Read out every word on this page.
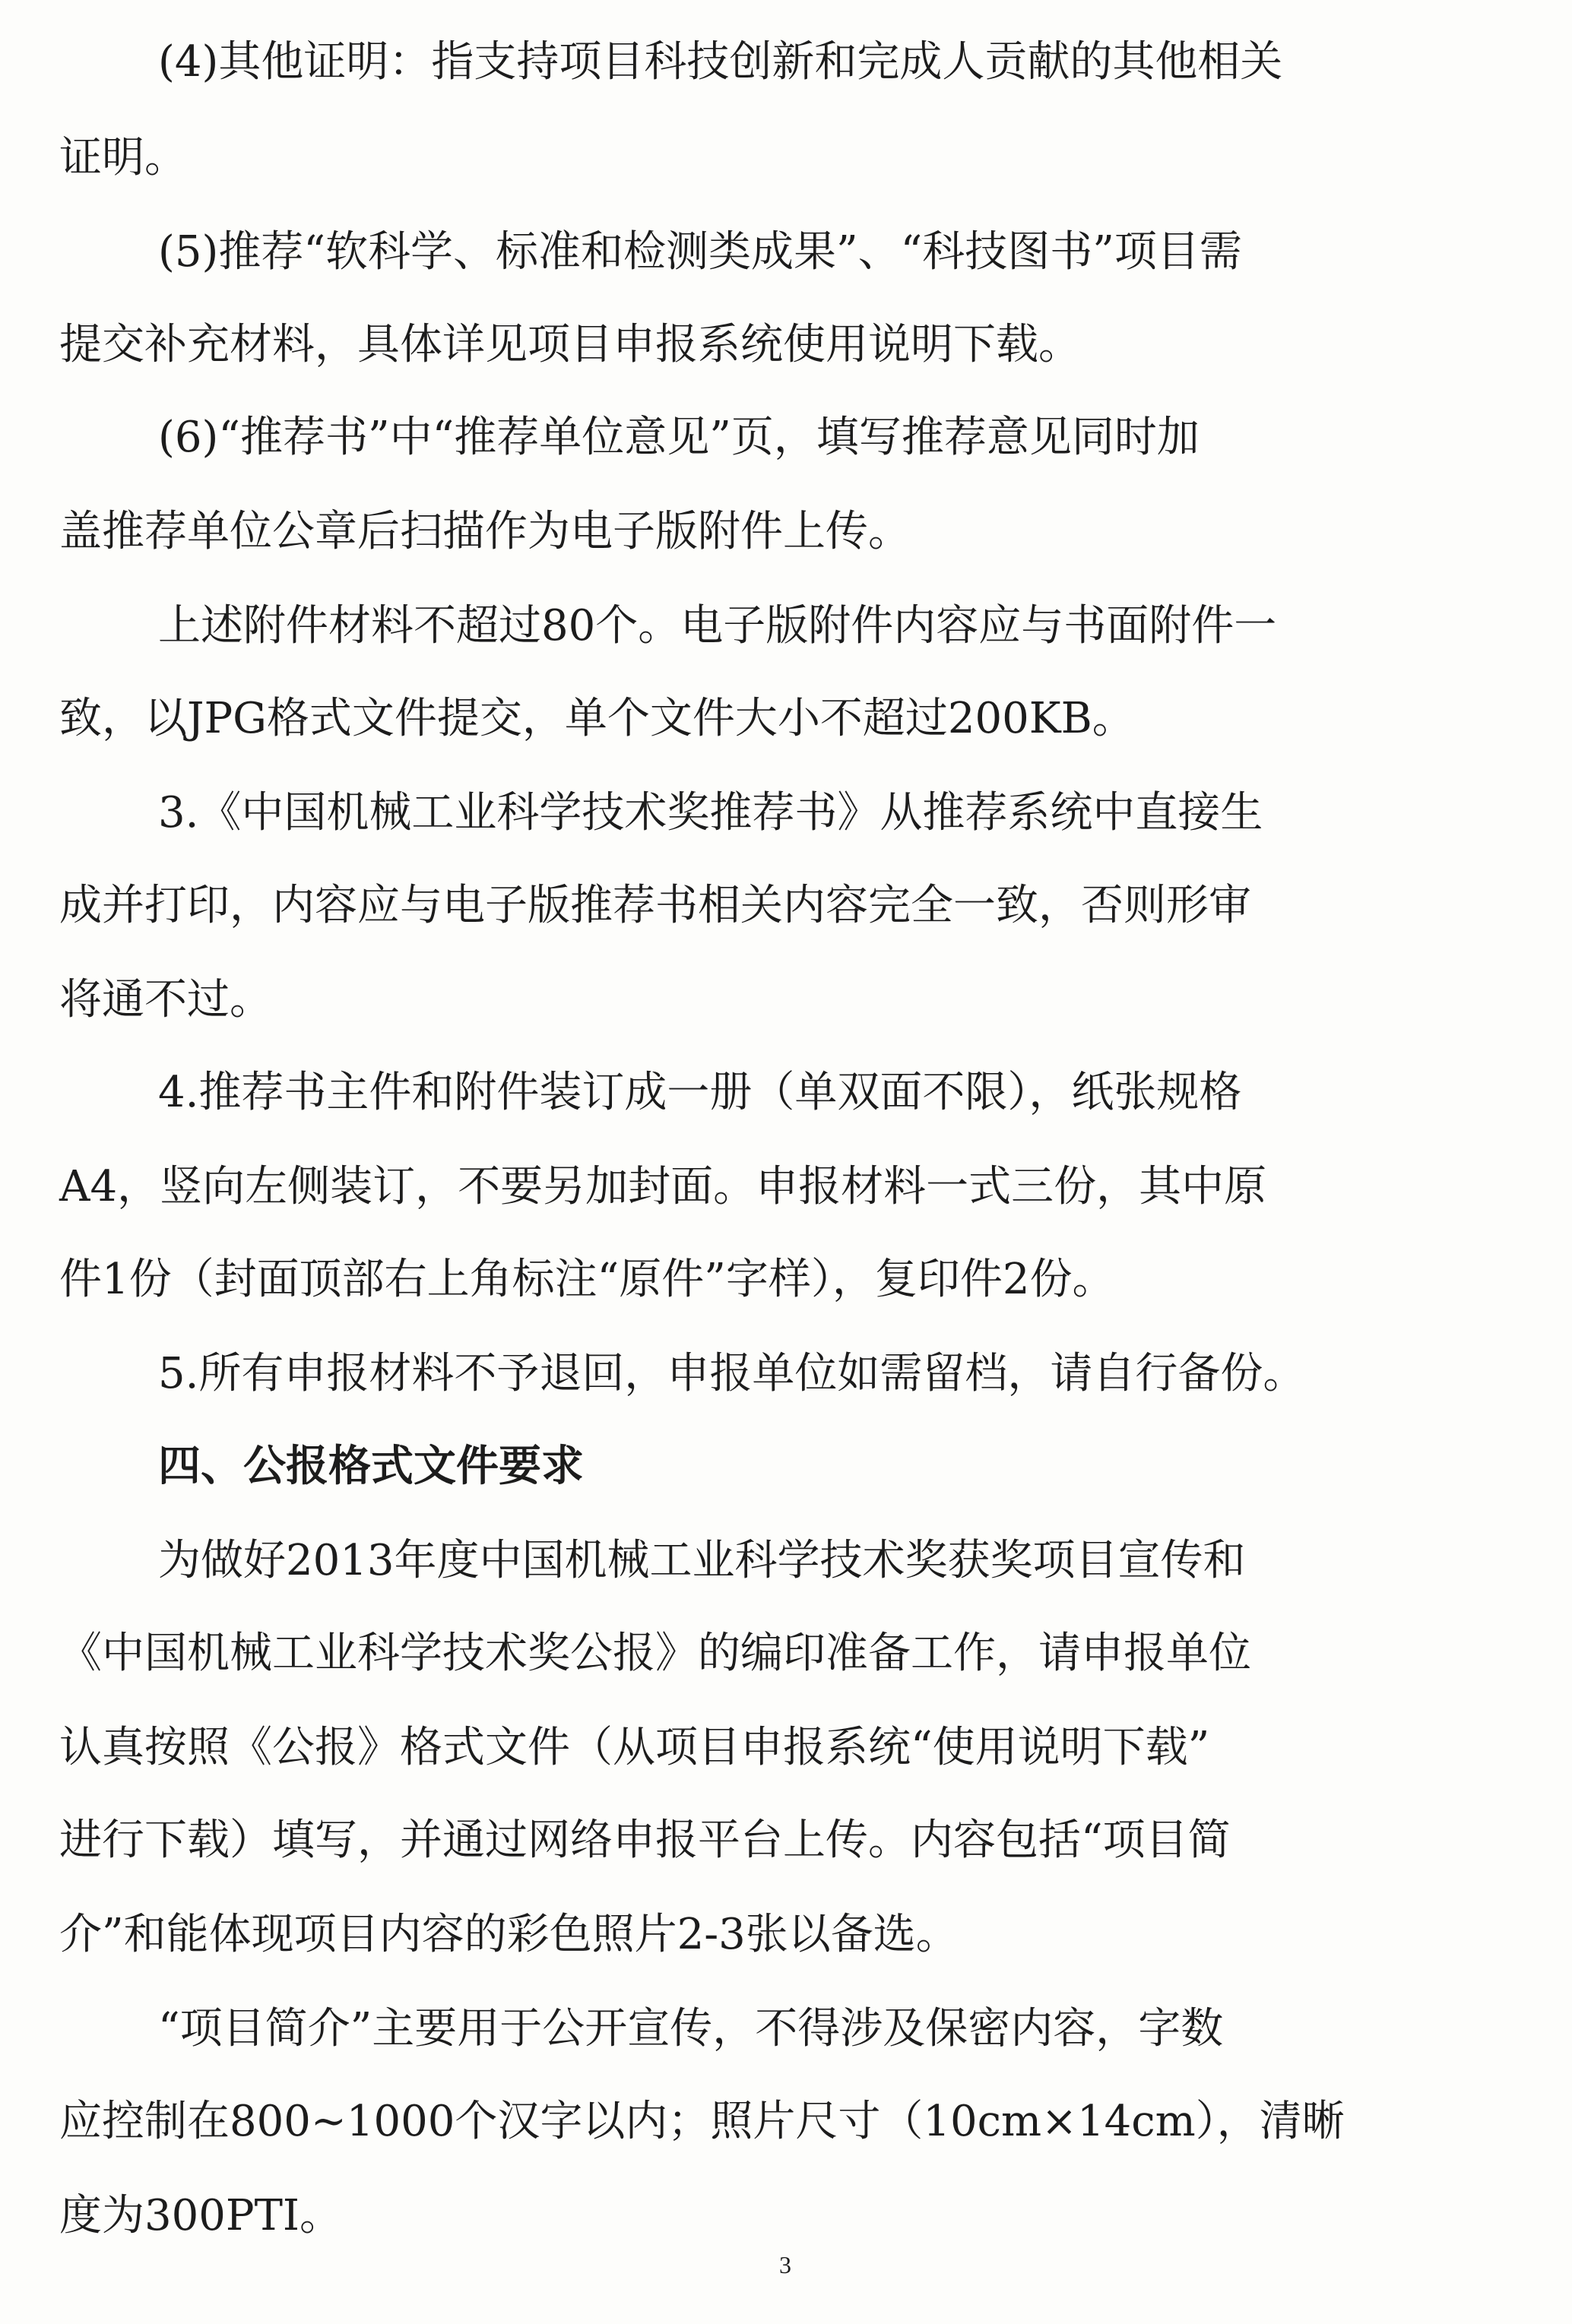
(4)其他证明：指支持项目科技创新和完成人贡献的其他相关
证明。
(5)推荐“软科学、标准和检测类成果”、“科技图书”项目需
提交补充材料，具体详见项目申报系统使用说明下载。
(6)“推荐书”中“推荐单位意见”页，填写推荐意见同时加
盖推荐单位公章后扫描作为电子版附件上传。
上述附件材料不超过80个。电子版附件内容应与书面附件一
致，以JPG格式文件提交，单个文件大小不超过200KB。
3.《中国机械工业科学技术奖推荐书》从推荐系统中直接生
成并打印，内容应与电子版推荐书相关内容完全一致，否则形审
将通不过。
4.推荐书主件和附件装订成一册（单双面不限），纸张规格
A4，竖向左侧装订，不要另加封面。申报材料一式三份，其中原
件1份（封面顶部右上角标注“原件”字样），复印件2份。
5.所有申报材料不予退回，申报单位如需留档，请自行备份。
四、公报格式文件要求
为做好2013年度中国机械工业科学技术奖获奖项目宣传和
《中国机械工业科学技术奖公报》的编印准备工作，请申报单位
认真按照《公报》格式文件（从项目申报系统“使用说明下载”
进行下载）填写，并通过网络申报平台上传。内容包括“项目简
介”和能体现项目内容的彩色照片2-3张以备选。
“项目简介”主要用于公开宣传，不得涉及保密内容，字数
应控制在800~1000个汉字以内；照片尺寸（10cm×14cm），清晰
度为300PTI。
3
